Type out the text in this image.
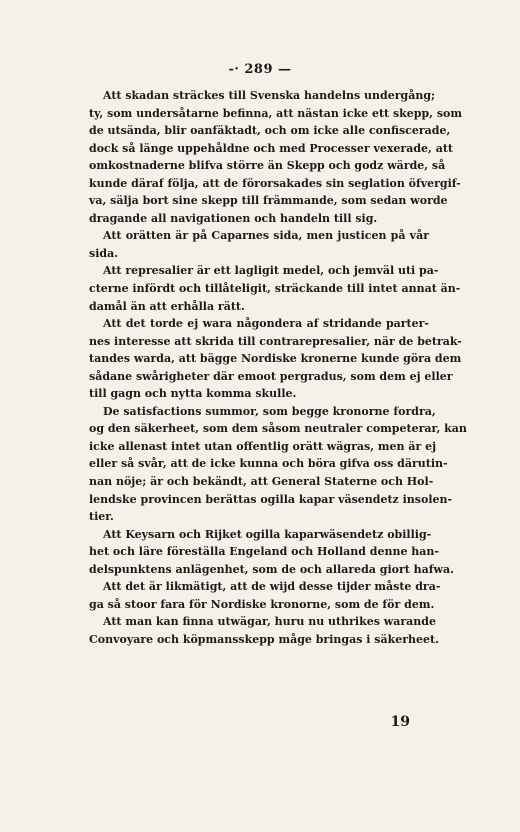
-· 289 —
Att skadan sträckes till Svenska handelns undergång;
ty, som undersåtarne befinna, att nästan icke ett skepp, som
de utsända, blir oanfäktadt, och om icke alle confiscerade,
dock så länge uppehåldne och med Processer vexerade, att
omkostnaderne blifva större än Skepp och godz wärde, så
kunde däraf följa, att de förorsakades sin seglation öfvergif-
va, sälja bort sine skepp till främmande, som sedan worde
dragande all navigationen och handeln till sig.
Att orätten är på Caparnes sida, men justicen på vår
sida.
Att represalier är ett lagligit medel, och jemväl uti pa-
cterne infördt och tillåteligit, sträckande till intet annat än-
damål än att erhålla rätt.
Att det torde ej wara någondera af stridande parter-
nes interesse att skrida till contrarepresalier, när de betrak-
tandes warda, att bägge Nordiske kronerne kunde göra dem
sådane swårigheter där emoot pergradus, som dem ej eller
till gagn och nytta komma skulle.
De satisfactions summor, som begge kronorne fordra,
og den säkerheet, som dem såsom neutraler competerar, kan
icke allenast intet utan offentlig orätt wägras, men är ej
eller så svår, att de icke kunna och böra gifva oss därutin-
nan nöje; är och bekändt, att General Staterne och Hol-
lendske provincen berättas ogilla kapar väsendetz insolen-
tier.
Att Keysarn och Rijket ogilla kaparwäsendetz obillig-
het och läre föreställa Engeland och Holland denne han-
delspunktens anlägenhet, som de och allareda giort hafwa.
Att det är likmätigt, att de wijd desse tijder måste dra-
ga så stoor fara för Nordiske kronorne, som de för dem.
Att man kan finna utwägar, huru nu uthrikes warande
Convoyare och köpmansskepp måge bringas i säkerheet.
19
